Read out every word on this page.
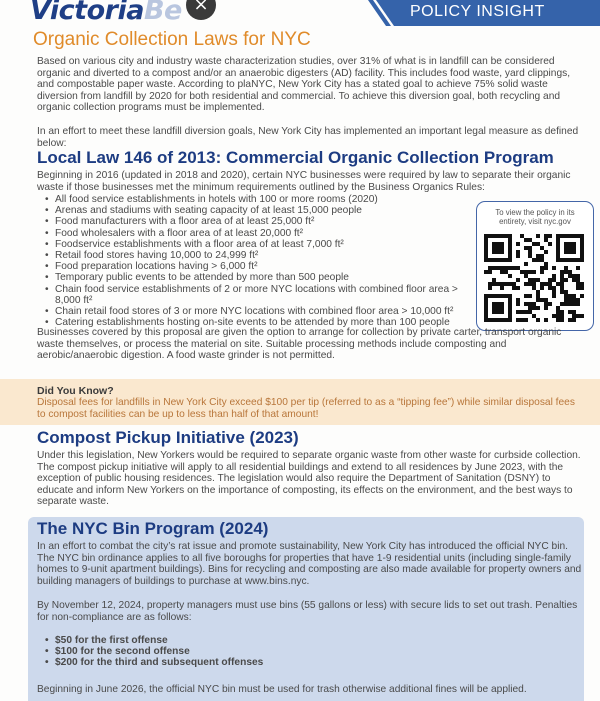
VictoriaBe ×	POLICY INSIGHT
Organic Collection Laws for NYC

Based on various city and industry waste characterization studies, over 31% of what is in landfill can be considered organic and diverted to a compost and/or an anaerobic digesters (AD) facility. This includes food waste, yard clippings, and compostable paper waste. According to plaNYC, New York City has a stated goal to achieve 75% solid waste diversion from landfill by 2020 for both residential and commercial. To achieve this diversion goal, both recycling and organic collection programs must be implemented.

In an effort to meet these landfill diversion goals, New York City has implemented an important legal measure as defined below:

Local Law 146 of 2013: Commercial Organic Collection Program

Beginning in 2016 (updated in 2018 and 2020), certain NYC businesses were required by law to separate their organic waste if those businesses met the minimum requirements outlined by the Business Organics Rules:

• All food service establishments in hotels with 100 or more rooms (2020)
• Arenas and stadiums with seating capacity of at least 15,000 people
• Food manufacturers with a floor area of at least 25,000 ft²
• Food wholesalers with a floor area of at least 20,000 ft²
• Foodservice establishments with a floor area of at least 7,000 ft²
• Retail food stores having 10,000 to 24,999 ft²
• Food preparation locations having > 6,000 ft²
• Temporary public events to be attended by more than 500 people
• Chain food service establishments of 2 or more NYC locations with combined floor area > 8,000 ft²
• Chain retail food stores of 3 or more NYC locations with combined floor area > 10,000 ft²
• Catering establishments hosting on-site events to be attended by more than 100 people
To view the policy in its entirety, visit nyc.gov

Businesses covered by this proposal are given the option to arrange for collection by private carter, transport organic waste themselves, or process the material on site. Suitable processing methods include composting and aerobic/anaerobic digestion. A food waste grinder is not permitted.

Did You Know?
Disposal fees for landfills in New York City exceed $100 per tip (referred to as a “tipping fee”) while similar disposal fees to compost facilities can be up to less than half of that amount!
Compost Pickup Initiative (2023)

Under this legislation, New Yorkers would be required to separate organic waste from other waste for curbside collection. The compost pickup initiative will apply to all residential buildings and extend to all residences by June 2023, with the exception of public housing residences. The legislation would also require the Department of Sanitation (DSNY) to educate and inform New Yorkers on the importance of composting, its effects on the environment, and the best ways to separate waste.

The NYC Bin Program (2024)

In an effort to combat the city’s rat issue and promote sustainability, New York City has introduced the official NYC bin. The NYC bin ordinance applies to all five boroughs for properties that have 1-9 residential units (including single-family homes to 9-unit apartment buildings). Bins for recycling and composting are also made available for property owners and building managers of buildings to purchase at www.bins.nyc.

By November 12, 2024, property managers must use bins (55 gallons or less) with secure lids to set out trash. Penalties for non-compliance are as follows:

• $50 for the first offense
• $100 for the second offense
• $200 for the third and subsequent offenses

Beginning in June 2026, the official NYC bin must be used for trash otherwise additional fines will be applied.
